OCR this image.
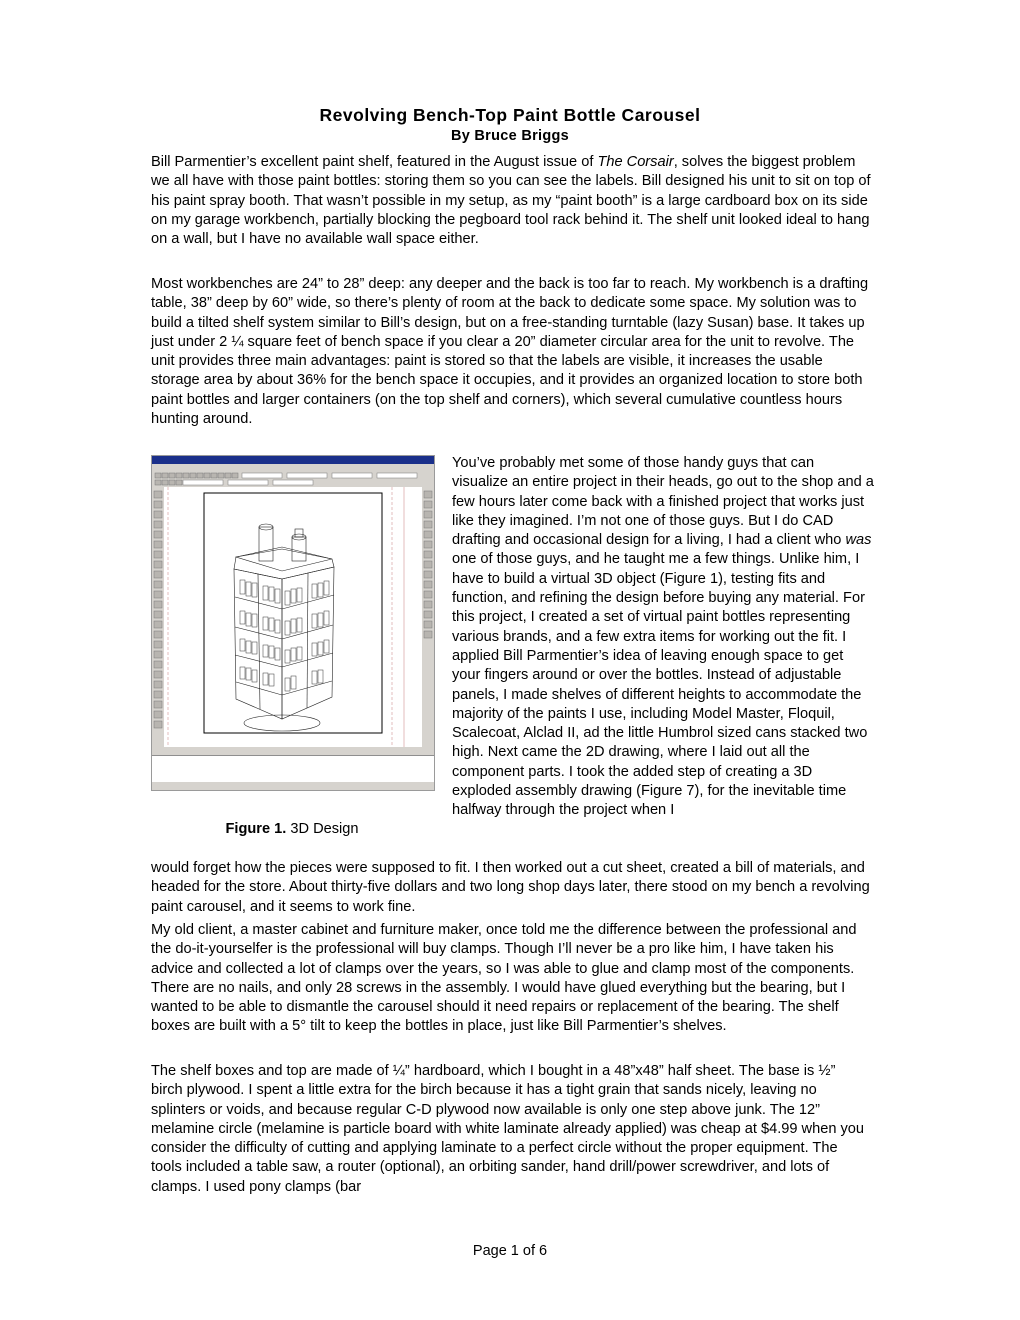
Revolving Bench-Top Paint Bottle Carousel
By Bruce Briggs

Bill Parmentier’s excellent paint shelf, featured in the August issue of The Corsair, solves the biggest problem we all have with those paint bottles: storing them so you can see the labels. Bill designed his unit to sit on top of his paint spray booth. That wasn’t possible in my setup, as my “paint booth” is a large cardboard box on its side on my garage workbench, partially blocking the pegboard tool rack behind it. The shelf unit looked ideal to hang on a wall, but I have no available wall space either.

Most workbenches are 24” to 28” deep: any deeper and the back is too far to reach. My workbench is a drafting table, 38” deep by 60” wide, so there’s plenty of room at the back to dedicate some space. My solution was to build a tilted shelf system similar to Bill’s design, but on a free-standing turntable (lazy Susan) base. It takes up just under 2 ¼ square feet of bench space if you clear a 20” diameter circular area for the unit to revolve. The unit provides three main advantages: paint is stored so that the labels are visible, it increases the usable storage area by about 36% for the bench space it occupies, and it provides an organized location to store both paint bottles and larger containers (on the top shelf and corners), which several cumulative countless hours hunting around.

Figure 1. 3D Design

You’ve probably met some of those handy guys that can visualize an entire project in their heads, go out to the shop and a few hours later come back with a finished project that works just like they imagined. I’m not one of those guys. But I do CAD drafting and occasional design for a living, I had a client who was one of those guys, and he taught me a few things. Unlike him, I have to build a virtual 3D object (Figure 1), testing fits and function, and refining the design before buying any material. For this project, I created a set of virtual paint bottles representing various brands, and a few extra items for working out the fit. I applied Bill Parmentier’s idea of leaving enough space to get your fingers around or over the bottles. Instead of adjustable panels, I made shelves of different heights to accommodate the majority of the paints I use, including Model Master, Floquil, Scalecoat, Alclad II, ad the little Humbrol sized cans stacked two high. Next came the 2D drawing, where I laid out all the component parts. I took the added step of creating a 3D exploded assembly drawing (Figure 7), for the inevitable time halfway through the project when I

would forget how the pieces were supposed to fit. I then worked out a cut sheet, created a bill of materials, and headed for the store. About thirty-five dollars and two long shop days later, there stood on my bench a revolving paint carousel, and it seems to work fine.

My old client, a master cabinet and furniture maker, once told me the difference between the professional and the do-it-yourselfer is the professional will buy clamps. Though I’ll never be a pro like him, I have taken his advice and collected a lot of clamps over the years, so I was able to glue and clamp most of the components. There are no nails, and only 28 screws in the assembly. I would have glued everything but the bearing, but I wanted to be able to dismantle the carousel should it need repairs or replacement of the bearing. The shelf boxes are built with a 5° tilt to keep the bottles in place, just like Bill Parmentier’s shelves.

The shelf boxes and top are made of ¼” hardboard, which I bought in a 48”x48” half sheet. The base is ½” birch plywood. I spent a little extra for the birch because it has a tight grain that sands nicely, leaving no splinters or voids, and because regular C-D plywood now available is only one step above junk. The 12” melamine circle (melamine is particle board with white laminate already applied) was cheap at $4.99 when you consider the difficulty of cutting and applying laminate to a perfect circle without the proper equipment. The tools included a table saw, a router (optional), an orbiting sander, hand drill/power screwdriver, and lots of clamps. I used pony clamps (bar

Page 1 of 6
